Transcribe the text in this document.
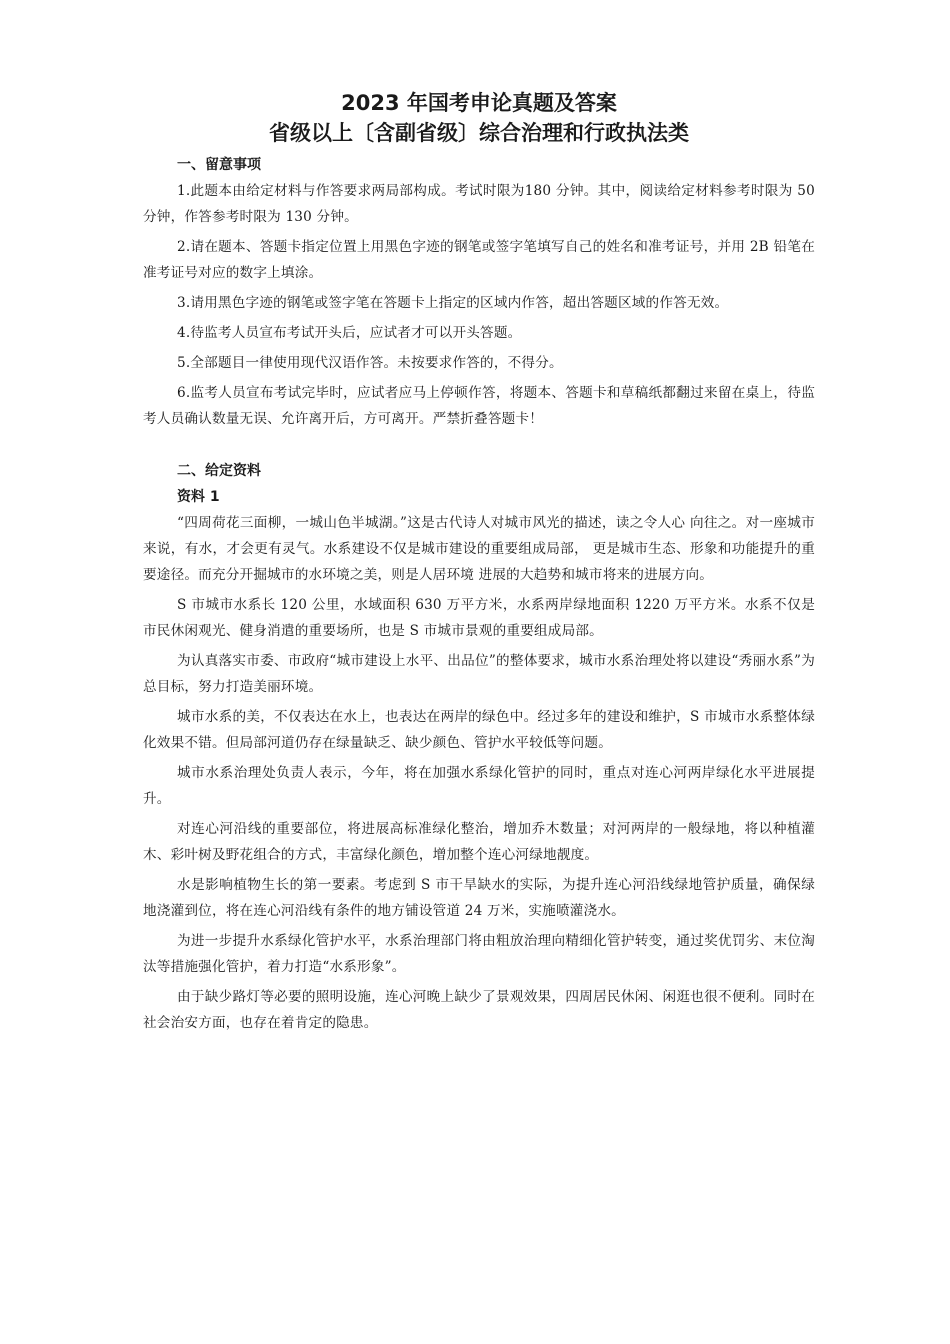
2023 年国考申论真题及答案
省级以上〔含副省级〕综合治理和行政执法类
一、留意事项

1.此题本由给定材料与作答要求两局部构成。考试时限为180 分钟。其中，阅读给定材料参考时限为 50 分钟，作答参考时限为 130 分钟。

2.请在题本、答题卡指定位置上用黑色字迹的钢笔或签字笔填写自己的姓名和准考证号，并用 2B 铅笔在准考证号对应的数字上填涂。

3.请用黑色字迹的钢笔或签字笔在答题卡上指定的区域内作答，超出答题区域的作答无效。

4.待监考人员宣布考试开头后，应试者才可以开头答题。

5.全部题目一律使用现代汉语作答。未按要求作答的，不得分。

6.监考人员宣布考试完毕时，应试者应马上停顿作答，将题本、答题卡和草稿纸都翻过来留在桌上，待监考人员确认数量无误、允许离开后，方可离开。严禁折叠答题卡！

二、给定资料
资料 1

“四周荷花三面柳，一城山色半城湖。”这是古代诗人对城市风光的描述，读之令人心 向往之。对一座城市来说，有水，才会更有灵气。水系建设不仅是城市建设的重要组成局部， 更是城市生态、形象和功能提升的重要途径。而充分开掘城市的水环境之美，则是人居环境 进展的大趋势和城市将来的进展方向。

S 市城市水系长 120 公里，水域面积 630 万平方米，水系两岸绿地面积 1220 万平方米。水系不仅是市民休闲观光、健身消遣的重要场所，也是 S 市城市景观的重要组成局部。

为认真落实市委、市政府“城市建设上水平、出品位”的整体要求，城市水系治理处将以建设“秀丽水系”为总目标，努力打造美丽环境。

城市水系的美，不仅表达在水上，也表达在两岸的绿色中。经过多年的建设和维护，S 市城市水系整体绿化效果不错。但局部河道仍存在绿量缺乏、缺少颜色、管护水平较低等问题。

城市水系治理处负责人表示，今年，将在加强水系绿化管护的同时，重点对连心河两岸绿化水平进展提升。

对连心河沿线的重要部位，将进展高标准绿化整治，增加乔木数量；对河两岸的一般绿地，将以种植灌木、彩叶树及野花组合的方式，丰富绿化颜色，增加整个连心河绿地靓度。

水是影响植物生长的第一要素。考虑到 S 市干旱缺水的实际，为提升连心河沿线绿地管护质量，确保绿地浇灌到位，将在连心河沿线有条件的地方铺设管道 24 万米，实施喷灌浇水。

为进一步提升水系绿化管护水平，水系治理部门将由粗放治理向精细化管护转变，通过奖优罚劣、末位淘汰等措施强化管护，着力打造“水系形象”。

由于缺少路灯等必要的照明设施，连心河晚上缺少了景观效果，四周居民休闲、闲逛也很不便利。同时在社会治安方面，也存在着肯定的隐患。
